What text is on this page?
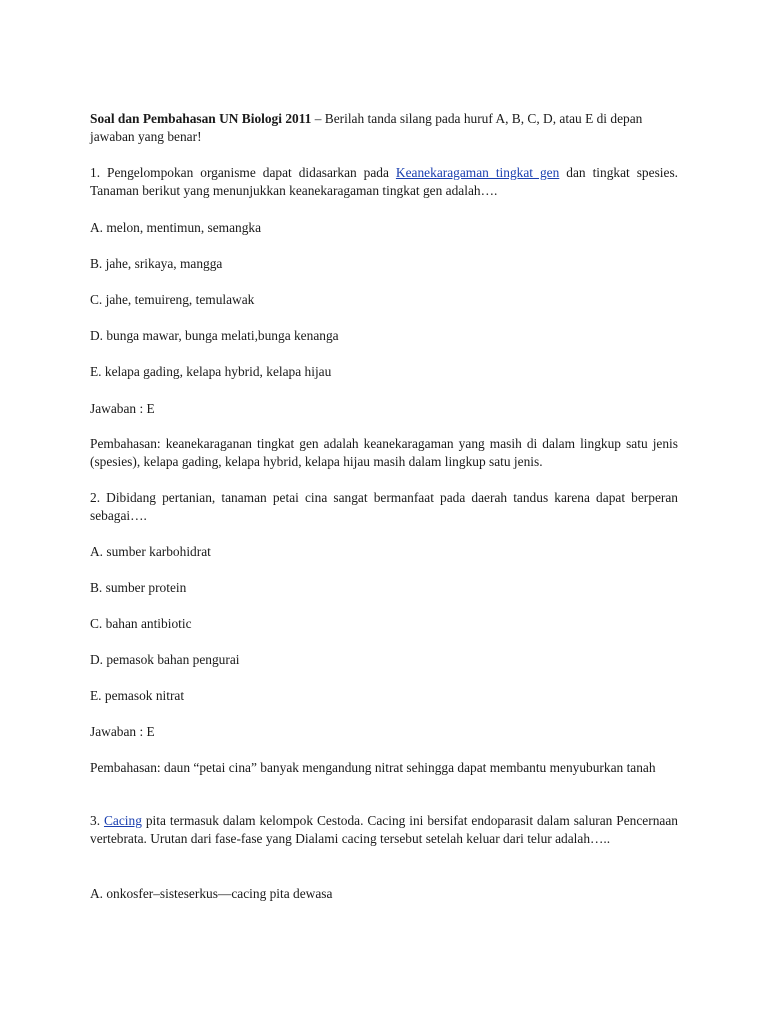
Soal dan Pembahasan UN Biologi 2011 – Berilah tanda silang pada huruf A, B, C, D, atau E di depan jawaban yang benar!

1. Pengelompokan organisme dapat didasarkan pada Keanekaragaman tingkat gen dan tingkat spesies. Tanaman berikut yang menunjukkan keanekaragaman tingkat gen adalah….

A. melon, mentimun, semangka
B. jahe, srikaya, mangga
C. jahe, temuireng, temulawak
D. bunga mawar, bunga melati,bunga kenanga
E. kelapa gading, kelapa hybrid, kelapa hijau
Jawaban : E

Pembahasan: keanekaraganan tingkat gen adalah keanekaragaman yang masih di dalam lingkup satu jenis (spesies), kelapa gading, kelapa hybrid, kelapa hijau masih dalam lingkup satu jenis.

2. Dibidang pertanian, tanaman petai cina sangat bermanfaat pada daerah tandus karena dapat berperan sebagai….

A. sumber karbohidrat
B. sumber protein
C. bahan antibiotic
D. pemasok bahan pengurai
E. pemasok nitrat
Jawaban : E

Pembahasan: daun “petai cina” banyak mengandung nitrat sehingga dapat membantu menyuburkan tanah

3. Cacing pita termasuk dalam kelompok Cestoda. Cacing ini bersifat endoparasit dalam saluran Pencernaan vertebrata. Urutan dari fase-fase yang Dialami cacing tersebut setelah keluar dari telur adalah…..

A. onkosfer–sisteserkus—cacing pita dewasa
